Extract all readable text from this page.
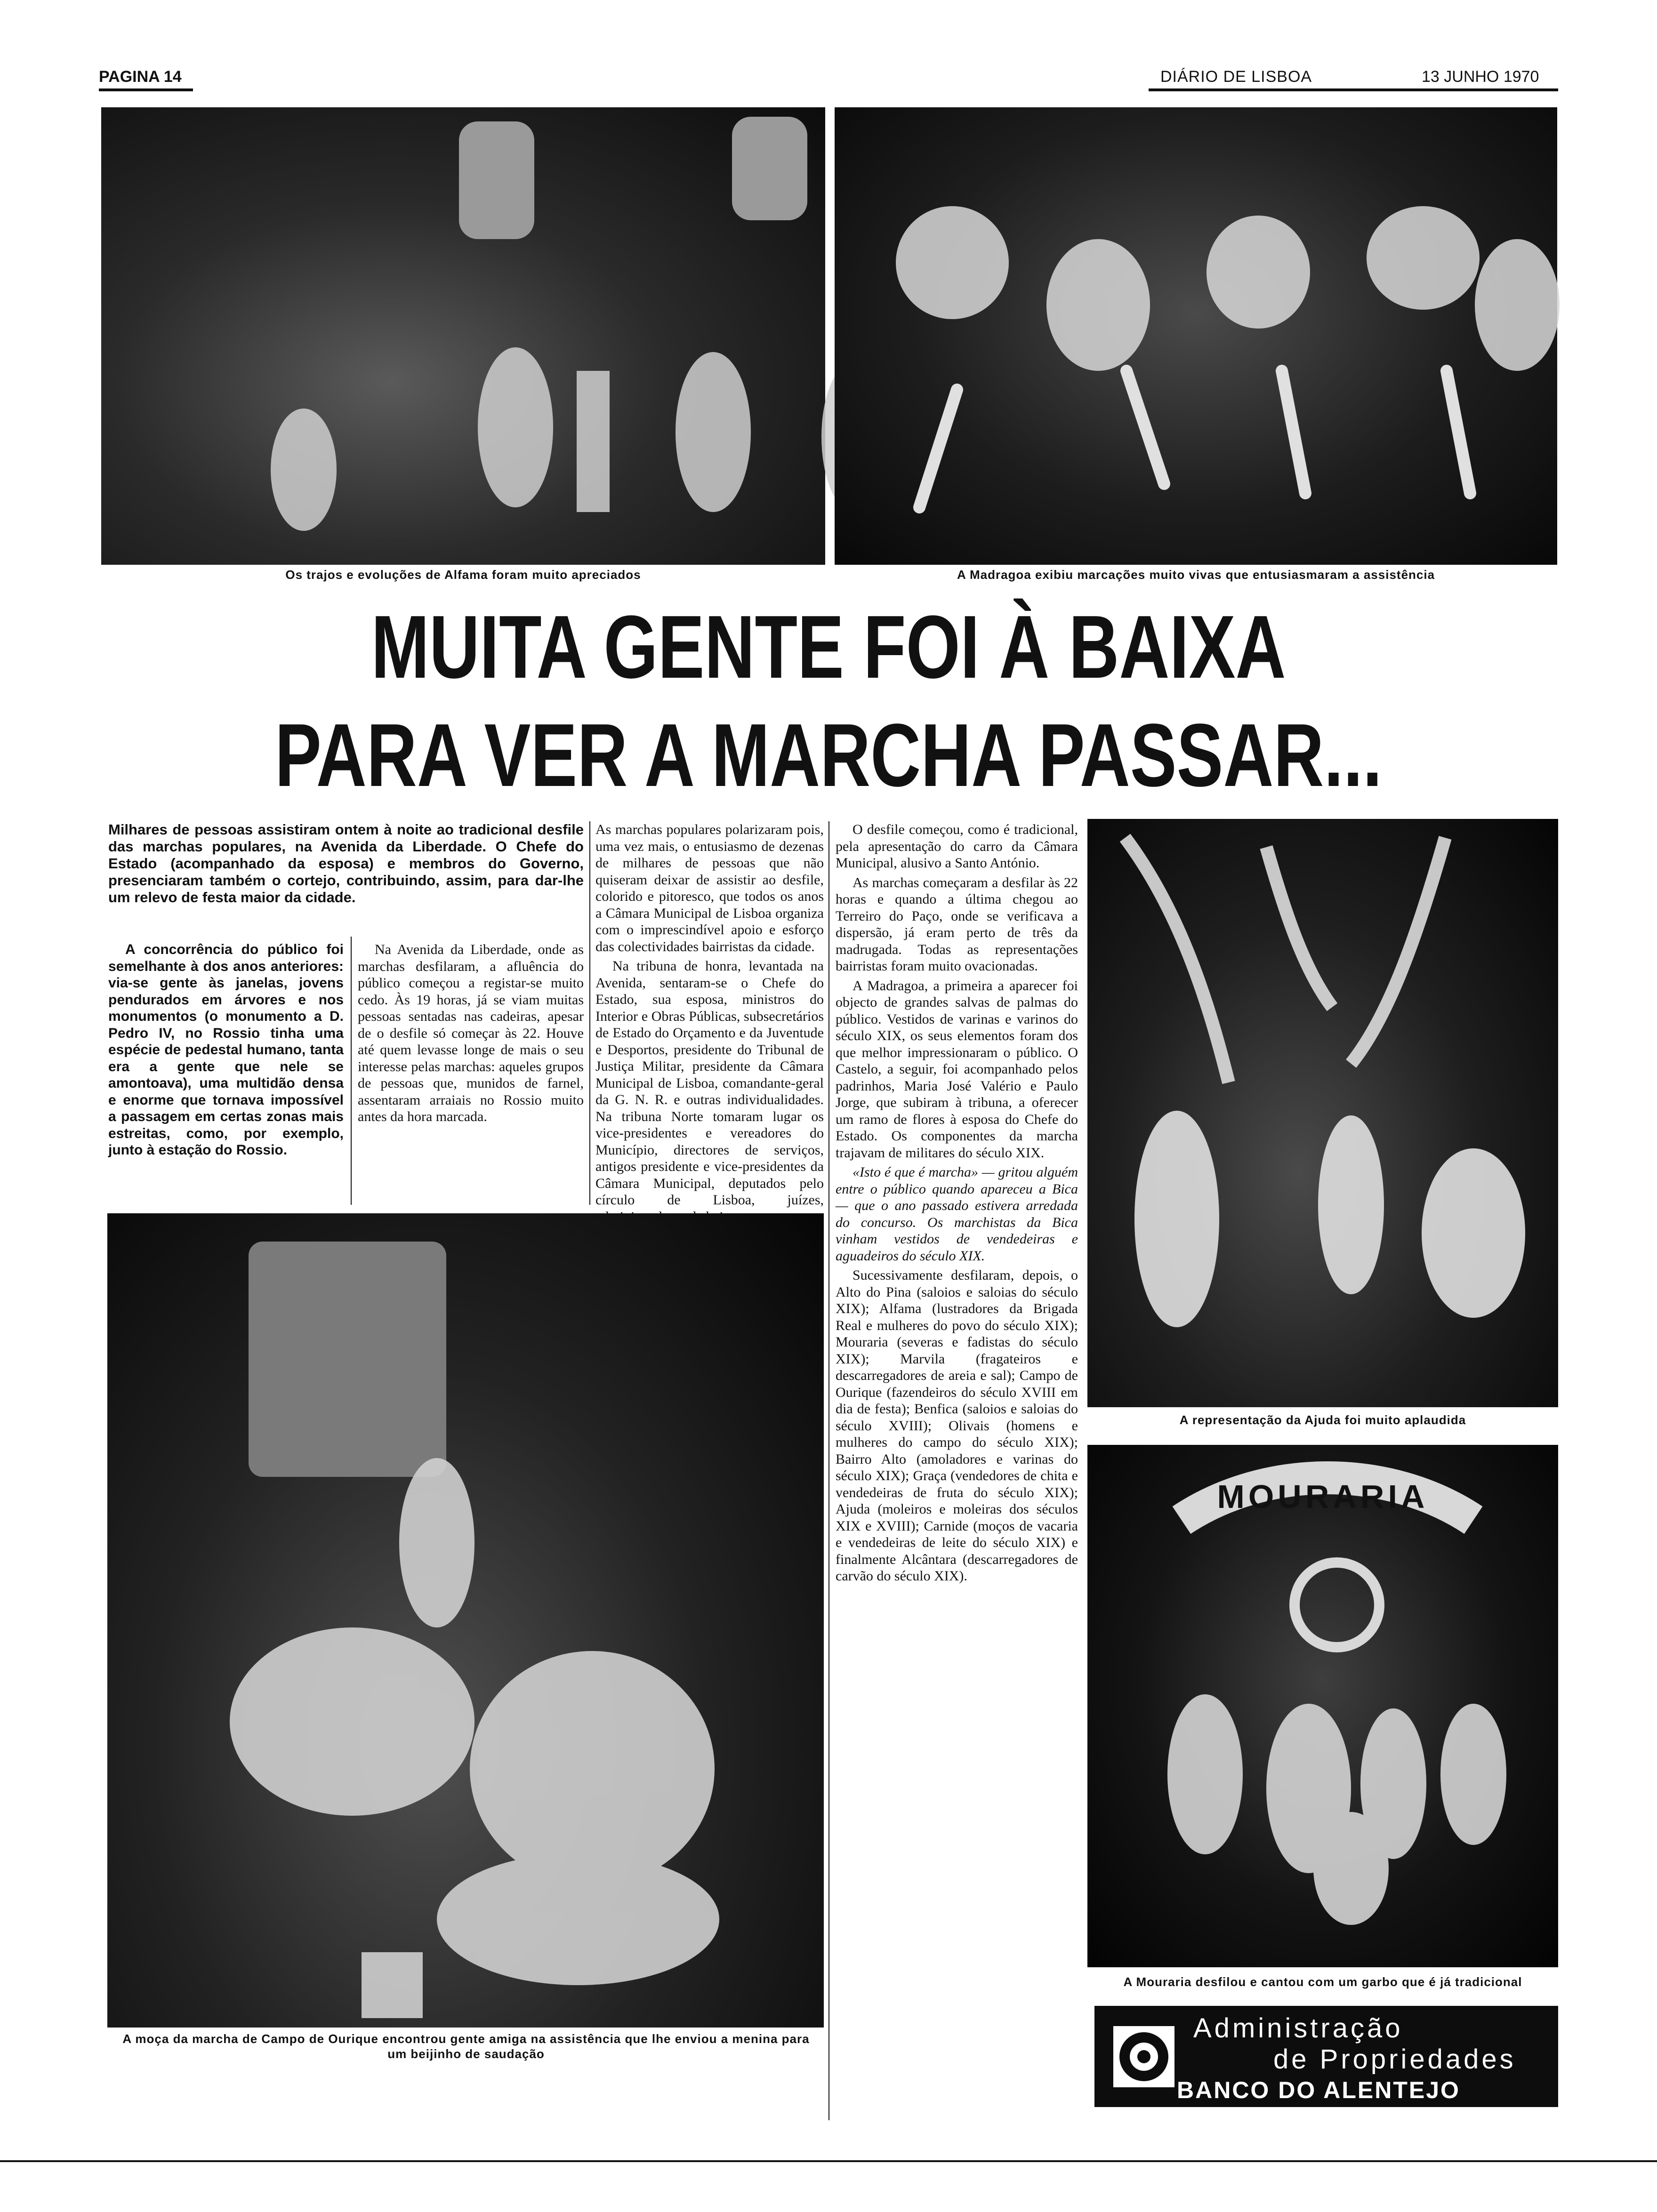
PAGINA 14	DIÁRIO DE LISBOA	13 JUNHO 1970
Os trajos e evoluções de Alfama foram muito apreciados	A Madragoa exibiu marcações muito vivas que entusiasmaram a assistência
MUITA GENTE FOI À BAIXA
PARA VER A MARCHA PASSAR...
Milhares de pessoas assistiram ontem à noite ao tradicional desfile das marchas populares, na Avenida da Liberdade. O Chefe do Estado (acompanhado da esposa) e membros do Governo, presenciaram também o cortejo, contribuindo, assim, para dar-lhe um relevo de festa maior da cidade.

A concorrência do público foi semelhante à dos anos anteriores: via-se gente às janelas, jovens pendurados em árvores e nos monumentos (o monumento a D. Pedro IV, no Rossio tinha uma espécie de pedestal humano, tanta era a gente que nele se amontoava), uma multidão densa e enorme que tornava impossível a passagem em certas zonas mais estreitas, como, por exemplo, junto à estação do Rossio.

Na Avenida da Liberdade, onde as marchas desfilaram, a afluência do público começou a registar-se muito cedo. Às 19 horas, já se viam muitas pessoas sentadas nas cadeiras, apesar de o desfile só começar às 22. Houve até quem levasse longe de mais o seu interesse pelas marchas: aqueles grupos de pessoas que, munidos de farnel, assentaram arraiais no Rossio muito antes da hora marcada.

As marchas populares polarizaram pois, uma vez mais, o entusiasmo de dezenas de milhares de pessoas que não quiseram deixar de assistir ao desfile, colorido e pitoresco, que todos os anos a Câmara Municipal de Lisboa organiza com o imprescindível apoio e esforço das colectividades bairristas da cidade.

Na tribuna de honra, levantada na Avenida, sentaram-se o Chefe do Estado, sua esposa, ministros do Interior e Obras Públicas, subsecretários de Estado do Orçamento e da Juventude e Desportos, presidente do Tribunal de Justiça Militar, presidente da Câmara Municipal de Lisboa, comandante-geral da G. N. R. e outras individualidades. Na tribuna Norte tomaram lugar os vice-presidentes e vereadores do Município, directores de serviços, antigos presidente e vice-presidentes da Câmara Municipal, deputados pelo círculo de Lisboa, juízes,

O desfile começou, como é tradicional, pela apresentação do carro da Câmara Municipal, alusivo a Santo António.

As marchas começaram a desfilar às 22 horas e quando a última chegou ao Terreiro do Paço, onde se verificava a dispersão, já eram perto de três da madrugada. Todas as representações bairristas foram muito ovacionadas.

A Madragoa, a primeira a aparecer foi objecto de grandes salvas de palmas do público. Vestidos de varinas e varinos do século XIX, os seus elementos foram dos que melhor impressionaram o público. O Castelo, a seguir, foi acompanhado pelos padrinhos, Maria José Valério e Paulo Jorge, que subiram à tribuna, a oferecer um ramo de flores à esposa do Chefe do Estado. Os componentes da marcha trajavam de militares do século XIX.

«Isto é que é marcha» — gritou alguém entre o público quando apareceu a Bica — que o ano passado estivera arredada do concurso. Os marchistas da Bica vinham vestidos de vendedeiras e aguadeiros do século XIX.

Sucessivamente desfilaram, depois, o Alto do Pina (saloios e saloias do século XIX); Alfama (lustradores da Brigada Real e mulheres do povo do século XIX); Mouraria (severas e fadistas do século XIX); Marvila (fragateiros e descarregadores de areia e sal); Campo de Ourique (fazendeiros do século XVIII em dia de festa); Benfica (saloios e saloias do século XVIII); Olivais (homens e mulheres do campo do século XIX); Bairro Alto (amoladores e varinas do século XIX); Graça (vendedores de chita e vendedeiras de fruta do século XIX); Ajuda (moleiros e moleiras dos séculos XIX e XVIII); Carnide (moços de vacaria e vendedeiras de leite do século XIX) e finalmente Alcântara (descarregadores de carvão do século XIX).

A moça da marcha de Campo de Ourique encontrou gente amiga na assistência que lhe enviou a menina para um beijinho de saudação
A representação da Ajuda foi muito aplaudida
MOURARIA
A Mouraria desfilou e cantou com um garbo que é já tradicional
Administração
de Propriedades
BANCO DO ALENTEJO
